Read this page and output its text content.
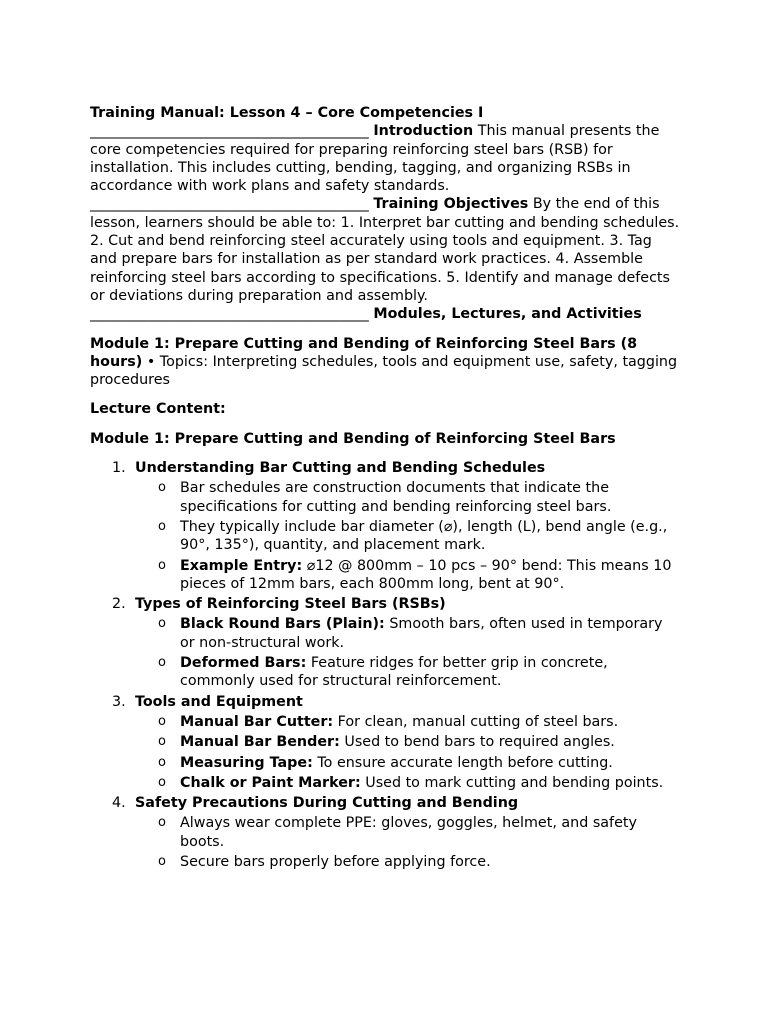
Training Manual: Lesson 4 – Core Competencies I _______________________________________ Introduction This manual presents the core competencies required for preparing reinforcing steel bars (RSB) for installation. This includes cutting, bending, tagging, and organizing RSBs in accordance with work plans and safety standards. _______________________________________ Training Objectives By the end of this lesson, learners should be able to: 1. Interpret bar cutting and bending schedules. 2. Cut and bend reinforcing steel accurately using tools and equipment. 3. Tag and prepare bars for installation as per standard work practices. 4. Assemble reinforcing steel bars according to specifications. 5. Identify and manage defects or deviations during preparation and assembly. _______________________________________ Modules, Lectures, and Activities

Module 1: Prepare Cutting and Bending of Reinforcing Steel Bars (8 hours) • Topics: Interpreting schedules, tools and equipment use, safety, tagging procedures

Lecture Content:

Module 1: Prepare Cutting and Bending of Reinforcing Steel Bars

1. Understanding Bar Cutting and Bending Schedules
o Bar schedules are construction documents that indicate the specifications for cutting and bending reinforcing steel bars.
o They typically include bar diameter (⌀), length (L), bend angle (e.g., 90°, 135°), quantity, and placement mark.
o Example Entry: ⌀12 @ 800mm – 10 pcs – 90° bend: This means 10 pieces of 12mm bars, each 800mm long, bent at 90°.
2. Types of Reinforcing Steel Bars (RSBs)
o Black Round Bars (Plain): Smooth bars, often used in temporary or non-structural work.
o Deformed Bars: Feature ridges for better grip in concrete, commonly used for structural reinforcement.
3. Tools and Equipment
o Manual Bar Cutter: For clean, manual cutting of steel bars.
o Manual Bar Bender: Used to bend bars to required angles.
o Measuring Tape: To ensure accurate length before cutting.
o Chalk or Paint Marker: Used to mark cutting and bending points.
4. Safety Precautions During Cutting and Bending
o Always wear complete PPE: gloves, goggles, helmet, and safety boots.
o Secure bars properly before applying force.
